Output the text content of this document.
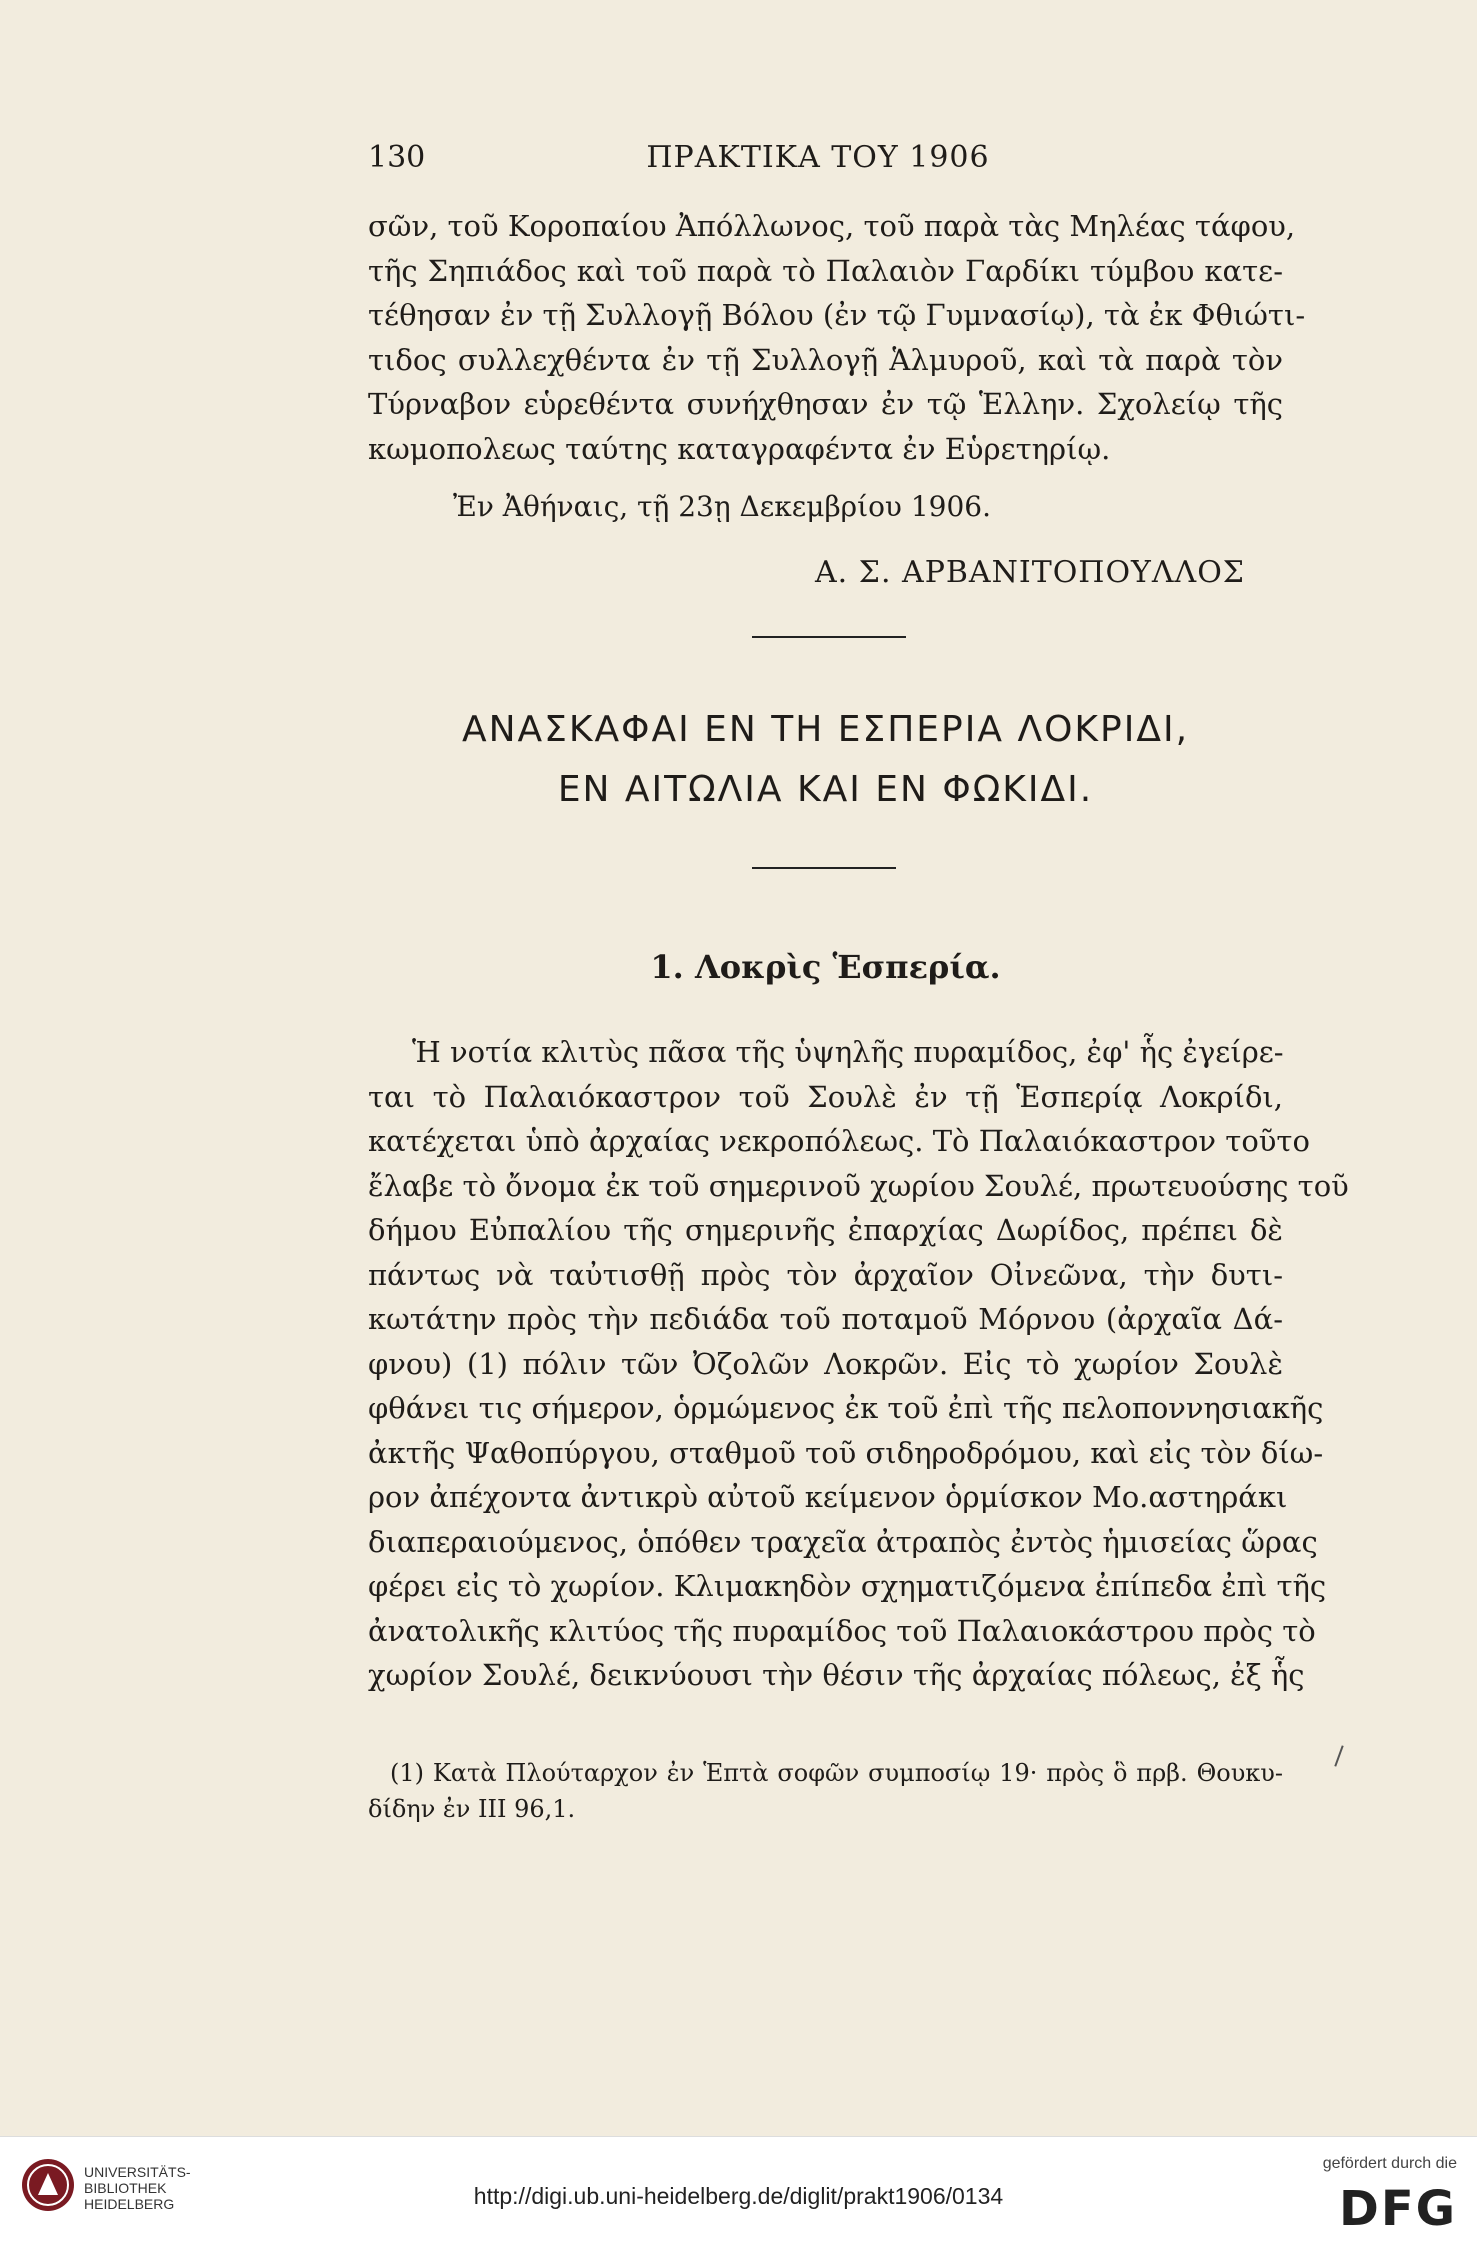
130	ΠΡΑΚΤΙΚΑ ΤΟΥ 1906
σῶν, τοῦ Κοροπαίου Ἀπόλλωνος, τοῦ παρὰ τὰς Μηλέας τάφου,
τῆς Σηπιάδος καὶ τοῦ παρὰ τὸ Παλαιὸν Γαρδίκι τύμβου κατε-
τέθησαν ἐν τῇ Συλλογῇ Βόλου (ἐν τῷ Γυμνασίῳ), τὰ ἐκ Φθιώτι-
τιδος συλλεχθέντα ἐν τῇ Συλλογῇ Ἁλμυροῦ, καὶ τὰ παρὰ τὸν
Τύρναβον εὑρεθέντα συνήχθησαν ἐν τῷ Ἑλλην. Σχολείῳ τῆς
κωμοπολεως ταύτης καταγραφέντα ἐν Εὑρετηρίῳ.
Ἐν Ἀθήναις, τῇ 23ῃ Δεκεμβρίου 1906.
Α. Σ. ΑΡΒΑΝΙΤΟΠΟΥΛΛΟΣ
ΑΝΑΣΚΑΦΑΙ ΕΝ ΤΗ ΕΣΠΕΡΙΑ ΛΟΚΡΙΔΙ,
ΕΝ ΑΙΤΩΛΙΑ ΚΑΙ ΕΝ ΦΩΚΙΔΙ.
1. Λοκρὶς Ἑσπερία.
Ἡ νοτία κλιτὺς πᾶσα τῆς ὑψηλῆς πυραμίδος, ἐφ' ἧς ἐγείρε-
ται τὸ Παλαιόκαστρον τοῦ Σουλὲ ἐν τῇ Ἑσπερίᾳ Λοκρίδι,
κατέχεται ὑπὸ ἀρχαίας νεκροπόλεως. Τὸ Παλαιόκαστρον τοῦτο
ἔλαβε τὸ ὄνομα ἐκ τοῦ σημερινοῦ χωρίου Σουλέ, πρωτευούσης τοῦ
δήμου Εὐπαλίου τῆς σημερινῆς ἐπαρχίας Δωρίδος, πρέπει δὲ
πάντως νὰ ταὐτισθῇ πρὸς τὸν ἀρχαῖον Οἰνεῶνα, τὴν δυτι-
κωτάτην πρὸς τὴν πεδιάδα τοῦ ποταμοῦ Μόρνου (ἀρχαῖα Δά-
φνου) (1) πόλιν τῶν Ὀζολῶν Λοκρῶν. Εἰς τὸ χωρίον Σουλὲ
φθάνει τις σήμερον, ὁρμώμενος ἐκ τοῦ ἐπὶ τῆς πελοποννησιακῆς
ἀκτῆς Ψαθοπύργου, σταθμοῦ τοῦ σιδηροδρόμου, καὶ εἰς τὸν δίω-
ρον ἀπέχοντα ἀντικρὺ αὐτοῦ κείμενον ὁρμίσκον Μο.αστηράκι
διαπεραιούμενος, ὁπόθεν τραχεῖα ἀτραπὸς ἐντὸς ἡμισείας ὥρας
φέρει εἰς τὸ χωρίον. Κλιμακηδὸν σχηματιζόμενα ἐπίπεδα ἐπὶ τῆς
ἀνατολικῆς κλιτύος τῆς πυραμίδος τοῦ Παλαιοκάστρου πρὸς τὸ
χωρίον Σουλέ, δεικνύουσι τὴν θέσιν τῆς ἀρχαίας πόλεως, ἐξ ἧς
(1) Κατὰ Πλούταρχον ἐν Ἑπτὰ σοφῶν συμποσίῳ 19· πρὸς ὃ πρβ. Θουκυ-
δίδην ἐν III 96,1.
UNIVERSITÄTS-
BIBLIOTHEK
HEIDELBERG	http://digi.ub.uni-heidelberg.de/diglit/prakt1906/0134
gefördert durch die
DFG
